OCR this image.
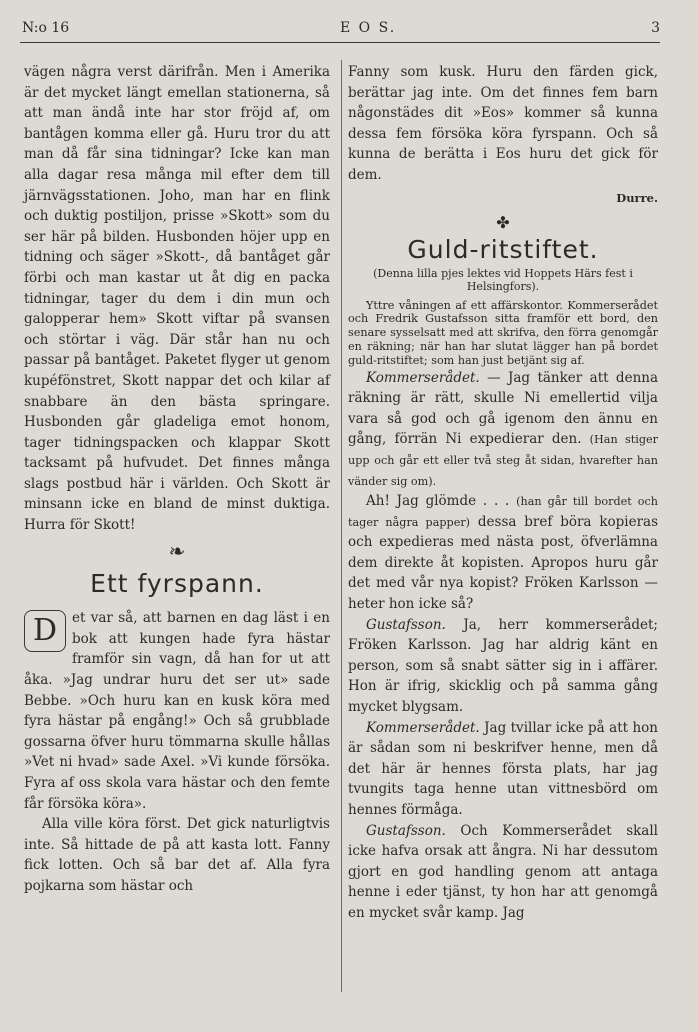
N:o 16	E O S.	3

vägen några verst därifrån. Men i Amerika är det mycket längt emellan stationerna, så att man ändå inte har stor fröjd af, om bantågen komma eller gå. Huru tror du att man då får sina tidningar? Icke kan man alla dagar resa många mil efter dem till järnvägsstationen. Joho, man har en flink och duktig postiljon, prisse »Skott» som du ser här på bilden. Husbonden höjer upp en tidning och säger »Skott-, då bantåget går förbi och man kastar ut åt dig en packa tidningar, tager du dem i din mun och galopperar hem» Skott viftar på svansen och störtar i väg. Där står han nu och passar på bantåget. Paketet flyger ut genom kupéfönstret, Skott nappar det och kilar af snabbare än den bästa springare. Husbonden går gladeliga emot honom, tager tidningspacken och klappar Skott tacksamt på hufvudet. Det finnes många slags postbud här i världen. Och Skott är minsann icke en bland de minst duktiga. Hurra för Skott!

❧
Ett fyrspann.

D	et var så, att barnen en dag läst i en bok att kungen hade fyra hästar framför sin vagn, då han for ut att åka. »Jag undrar huru det ser ut» sade Bebbe. »Och huru kan en kusk köra med fyra hästar på engång!» Och så grubblade gossarna öfver huru tömmarna skulle hållas »Vet ni hvad» sade Axel. »Vi kunde försöka. Fyra af oss skola vara hästar och den femte får försöka köra».

Alla ville köra först. Det gick naturligtvis inte. Så hittade de på att kasta lott. Fanny fick lotten. Och så bar det af. Alla fyra pojkarna som hästar och

Fanny som kusk. Huru den färden gick, berättar jag inte. Om det finnes fem barn någonstädes dit »Eos» kommer så kunna dessa fem försöka köra fyrspann. Och så kunna de berätta i Eos huru det gick för dem.

Durre.
✤
Guld-ritstiftet.

(Denna lilla pjes lektes vid Hoppets Härs fest i Helsingfors).

Yttre våningen af ett affärskontor. Kommerserådet och Fredrik Gustafsson sitta framför ett bord, den senare sysselsatt med att skrifva, den förra genomgår en räkning; när han har slutat lägger han på bordet guld-ritstiftet; som han just betjänt sig af.

Kommerserådet. — Jag tänker att denna räkning är rätt, skulle Ni emellertid vilja vara så god och gå igenom den ännu en gång, förrän Ni expedierar den. (Han stiger upp och går ett eller två steg åt sidan, hvarefter han vänder sig om).

Ah! Jag glömde . . . (han går till bordet och tager några papper) dessa bref böra kopieras och expedieras med nästa post, öfverlämna dem direkte åt kopisten. Apropos huru går det med vår nya kopist? Fröken Karlsson — heter hon icke så?

Gustafsson. Ja, herr kommerserådet; Fröken Karlsson. Jag har aldrig känt en person, som så snabt sätter sig in i affärer. Hon är ifrig, skicklig och på samma gång mycket blygsam.

Kommerserådet. Jag tvillar icke på att hon är sådan som ni beskrifver henne, men då det här är hennes första plats, har jag tvungits taga henne utan vittnesbörd om hennes förmåga.

Gustafsson. Och Kommerserådet skall icke hafva orsak att ångra. Ni har dessutom gjort en god handling genom att antaga henne i eder tjänst, ty hon har att genomgå en mycket svår kamp. Jag
